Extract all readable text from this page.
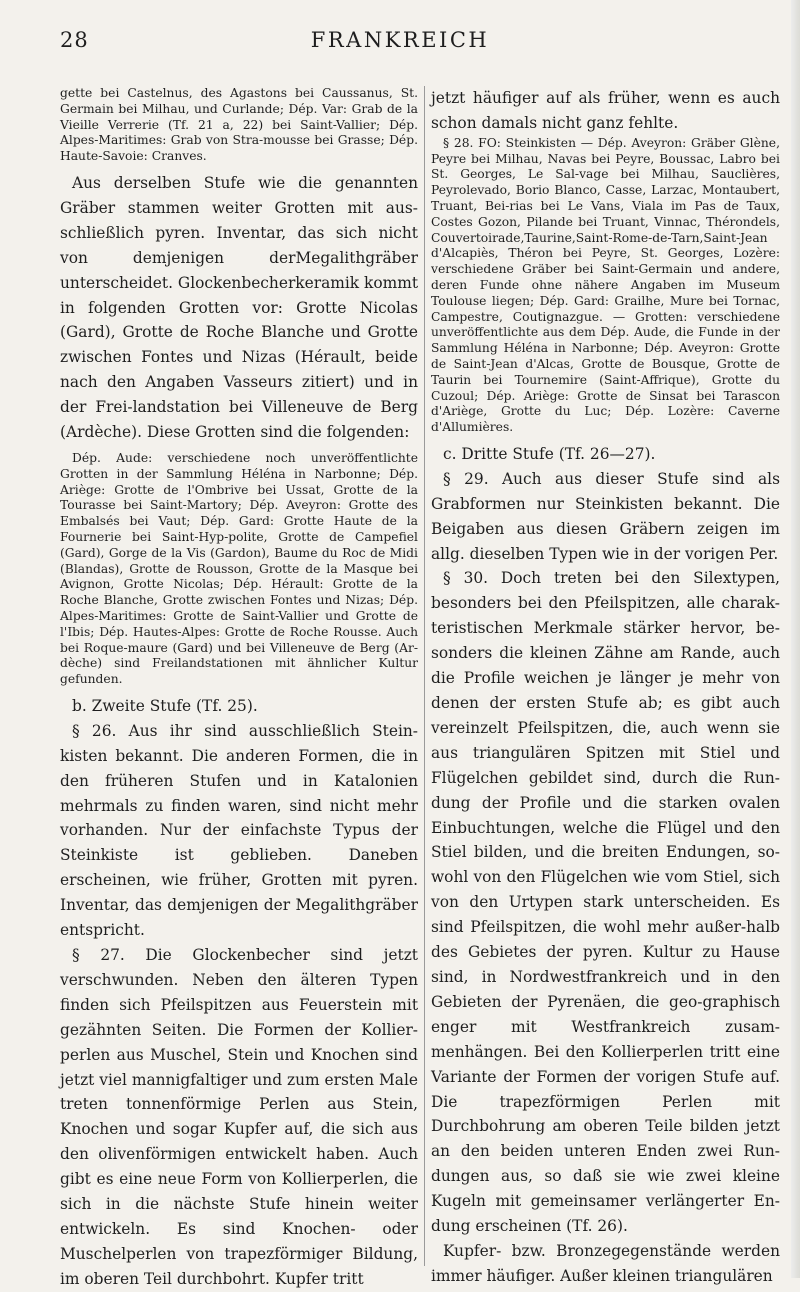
28	FRANKREICH

gette bei Castelnus, des Agastons bei Caussanus, St. Germain bei Milhau, und Curlande; Dép. Var: Grab de la Vieille Verrerie (Tf. 21 a, 22) bei Saint-Vallier; Dép. Alpes-Maritimes: Grab von Stra-mousse bei Grasse; Dép. Haute-Savoie: Cranves.

Aus derselben Stufe wie die genannten Gräber stammen weiter Grotten mit aus-schließlich pyren. Inventar, das sich nicht von demjenigen derMegalithgräber unterscheidet. Glockenbecherkeramik kommt in folgenden Grotten vor: Grotte Nicolas (Gard), Grotte de Roche Blanche und Grotte zwischen Fontes und Nizas (Hérault, beide nach den Angaben Vasseurs zitiert) und in der Frei-landstation bei Villeneuve de Berg (Ardèche). Diese Grotten sind die folgenden:

Dép. Aude: verschiedene noch unveröffentlichte Grotten in der Sammlung Héléna in Narbonne; Dép. Ariège: Grotte de l'Ombrive bei Ussat, Grotte de la Tourasse bei Saint-Martory; Dép. Aveyron: Grotte des Embalsés bei Vaut; Dép. Gard: Grotte Haute de la Fournerie bei Saint-Hyp-polite, Grotte de Campefiel (Gard), Gorge de la Vis (Gardon), Baume du Roc de Midi (Blandas), Grotte de Rousson, Grotte de la Masque bei Avignon, Grotte Nicolas; Dép. Hérault: Grotte de la Roche Blanche, Grotte zwischen Fontes und Nizas; Dép. Alpes-Maritimes: Grotte de Saint-Vallier und Grotte de l'Ibis; Dép. Hautes-Alpes: Grotte de Roche Rousse. Auch bei Roque-maure (Gard) und bei Villeneuve de Berg (Ar-dèche) sind Freilandstationen mit ähnlicher Kultur gefunden.

b. Zweite Stufe (Tf. 25).

§ 26. Aus ihr sind ausschließlich Stein-kisten bekannt. Die anderen Formen, die in den früheren Stufen und in Katalonien mehrmals zu finden waren, sind nicht mehr vorhanden. Nur der einfachste Typus der Steinkiste ist geblieben. Daneben erscheinen, wie früher, Grotten mit pyren. Inventar, das demjenigen der Megalithgräber entspricht.

§ 27. Die Glockenbecher sind jetzt verschwunden. Neben den älteren Typen finden sich Pfeilspitzen aus Feuerstein mit gezähnten Seiten. Die Formen der Kollier-perlen aus Muschel, Stein und Knochen sind jetzt viel mannigfaltiger und zum ersten Male treten tonnenförmige Perlen aus Stein, Knochen und sogar Kupfer auf, die sich aus den olivenförmigen entwickelt haben. Auch gibt es eine neue Form von Kollierperlen, die sich in die nächste Stufe hinein weiter entwickeln. Es sind Knochen- oder Muschelperlen von trapezförmiger Bildung, im oberen Teil durchbohrt. Kupfer tritt

jetzt häufiger auf als früher, wenn es auch schon damals nicht ganz fehlte.

§ 28. FO: Steinkisten — Dép. Aveyron: Gräber Glène, Peyre bei Milhau, Navas bei Peyre, Boussac, Labro bei St. Georges, Le Sal-vage bei Milhau, Sauclières, Peyrolevado, Borio Blanco, Casse, Larzac, Montaubert, Truant, Bei-rias bei Le Vans, Viala im Pas de Taux, Costes Gozon, Pilande bei Truant, Vinnac, Thérondels, Couvertoirade,Taurine,Saint-Rome-de-Tarn,Saint-Jean d'Alcapiès, Théron bei Peyre, St. Georges, Lozère: verschiedene Gräber bei Saint-Germain und andere, deren Funde ohne nähere Angaben im Museum Toulouse liegen; Dép. Gard: Grailhe, Mure bei Tornac, Campestre, Coutignazgue. — Grotten: verschiedene unveröffentlichte aus dem Dép. Aude, die Funde in der Sammlung Héléna in Narbonne; Dép. Aveyron: Grotte de Saint-Jean d'Alcas, Grotte de Bousque, Grotte de Taurin bei Tournemire (Saint-Affrique), Grotte du Cuzoul; Dép. Ariège: Grotte de Sinsat bei Tarascon d'Ariège, Grotte du Luc; Dép. Lozère: Caverne d'Allumières.

c. Dritte Stufe (Tf. 26—27).

§ 29. Auch aus dieser Stufe sind als Grabformen nur Steinkisten bekannt. Die Beigaben aus diesen Gräbern zeigen im allg. dieselben Typen wie in der vorigen Per.

§ 30. Doch treten bei den Silextypen, besonders bei den Pfeilspitzen, alle charak-teristischen Merkmale stärker hervor, be-sonders die kleinen Zähne am Rande, auch die Profile weichen je länger je mehr von denen der ersten Stufe ab; es gibt auch vereinzelt Pfeilspitzen, die, auch wenn sie aus triangulären Spitzen mit Stiel und Flügelchen gebildet sind, durch die Run-dung der Profile und die starken ovalen Einbuchtungen, welche die Flügel und den Stiel bilden, und die breiten Endungen, so-wohl von den Flügelchen wie vom Stiel, sich von den Urtypen stark unterscheiden. Es sind Pfeilspitzen, die wohl mehr außer-halb des Gebietes der pyren. Kultur zu Hause sind, in Nordwestfrankreich und in den Gebieten der Pyrenäen, die geo-graphisch enger mit Westfrankreich zusam-menhängen. Bei den Kollierperlen tritt eine Variante der Formen der vorigen Stufe auf. Die trapezförmigen Perlen mit Durchbohrung am oberen Teile bilden jetzt an den beiden unteren Enden zwei Run-dungen aus, so daß sie wie zwei kleine Kugeln mit gemeinsamer verlängerter En-dung erscheinen (Tf. 26).

Kupfer- bzw. Bronzegegenstände werden immer häufiger. Außer kleinen triangulären
